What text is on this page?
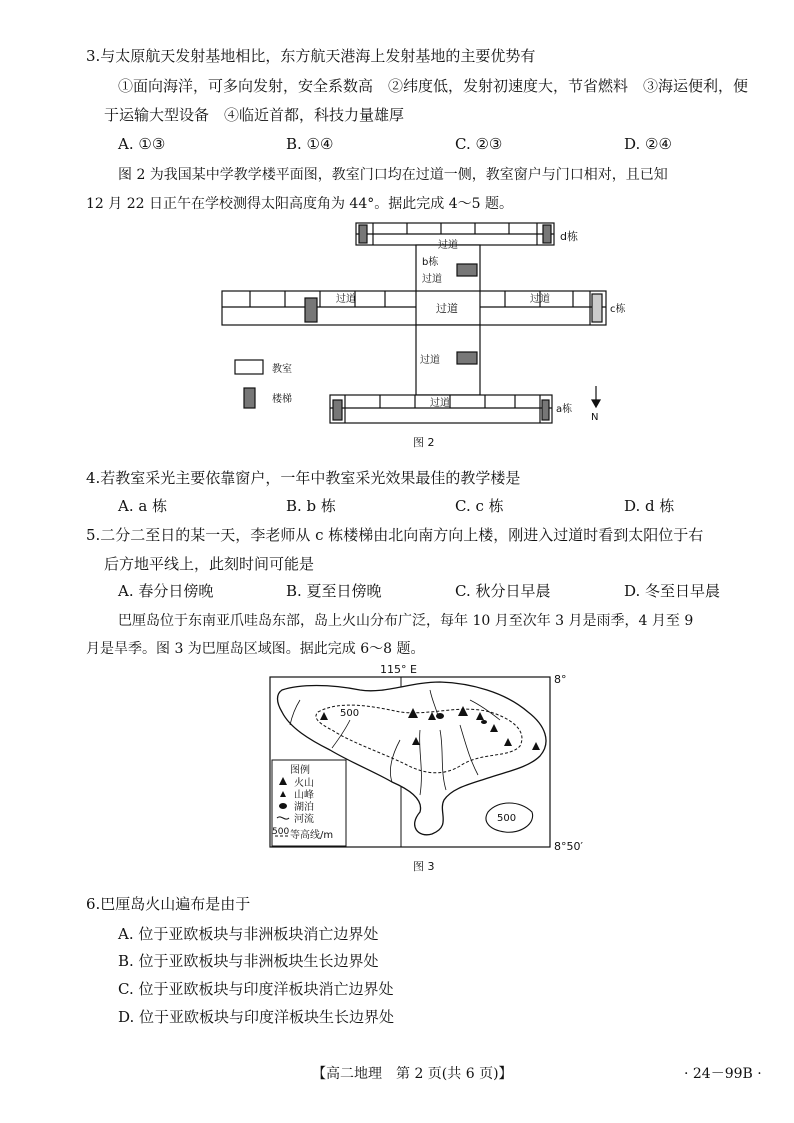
3.与太原航天发射基地相比，东方航天港海上发射基地的主要优势有
①面向海洋，可多向发射，安全系数高　②纬度低，发射初速度大，节省燃料　③海运便利，便
于运输大型设备　④临近首都，科技力量雄厚
A. ①③	B. ①④	C. ②③	D. ②④
图 2 为我国某中学教学楼平面图，教室门口均在过道一侧，教室窗户与门口相对，且已知
12 月 22 日正午在学校测得太阳高度角为 44°。据此完成 4～5 题。
d栋
过道
b栋
过道
过道
过道
过道
c栋
过道
过道
a栋
N
教室
楼梯
图 2
4.若教室采光主要依靠窗户，一年中教室采光效果最佳的教学楼是
A. a 栋	B. b 栋	C. c 栋	D. d 栋
5.二分二至日的某一天，李老师从 c 栋楼梯由北向南方向上楼，刚进入过道时看到太阳位于右
后方地平线上，此刻时间可能是
A. 春分日傍晚	B. 夏至日傍晚	C. 秋分日早晨	D. 冬至日早晨
巴厘岛位于东南亚爪哇岛东部，岛上火山分布广泛，每年 10 月至次年 3 月是雨季，4 月至 9
月是旱季。图 3 为巴厘岛区域图。据此完成 6～8 题。
115° E
8°
8°50′
500
500
图例
火山
山峰
湖泊
河流
500 等高线/m
图 3
6.巴厘岛火山遍布是由于
A. 位于亚欧板块与非洲板块消亡边界处
B. 位于亚欧板块与非洲板块生长边界处
C. 位于亚欧板块与印度洋板块消亡边界处
D. 位于亚欧板块与印度洋板块生长边界处
【高二地理　第 2 页(共 6 页)】	· 24－99B ·
